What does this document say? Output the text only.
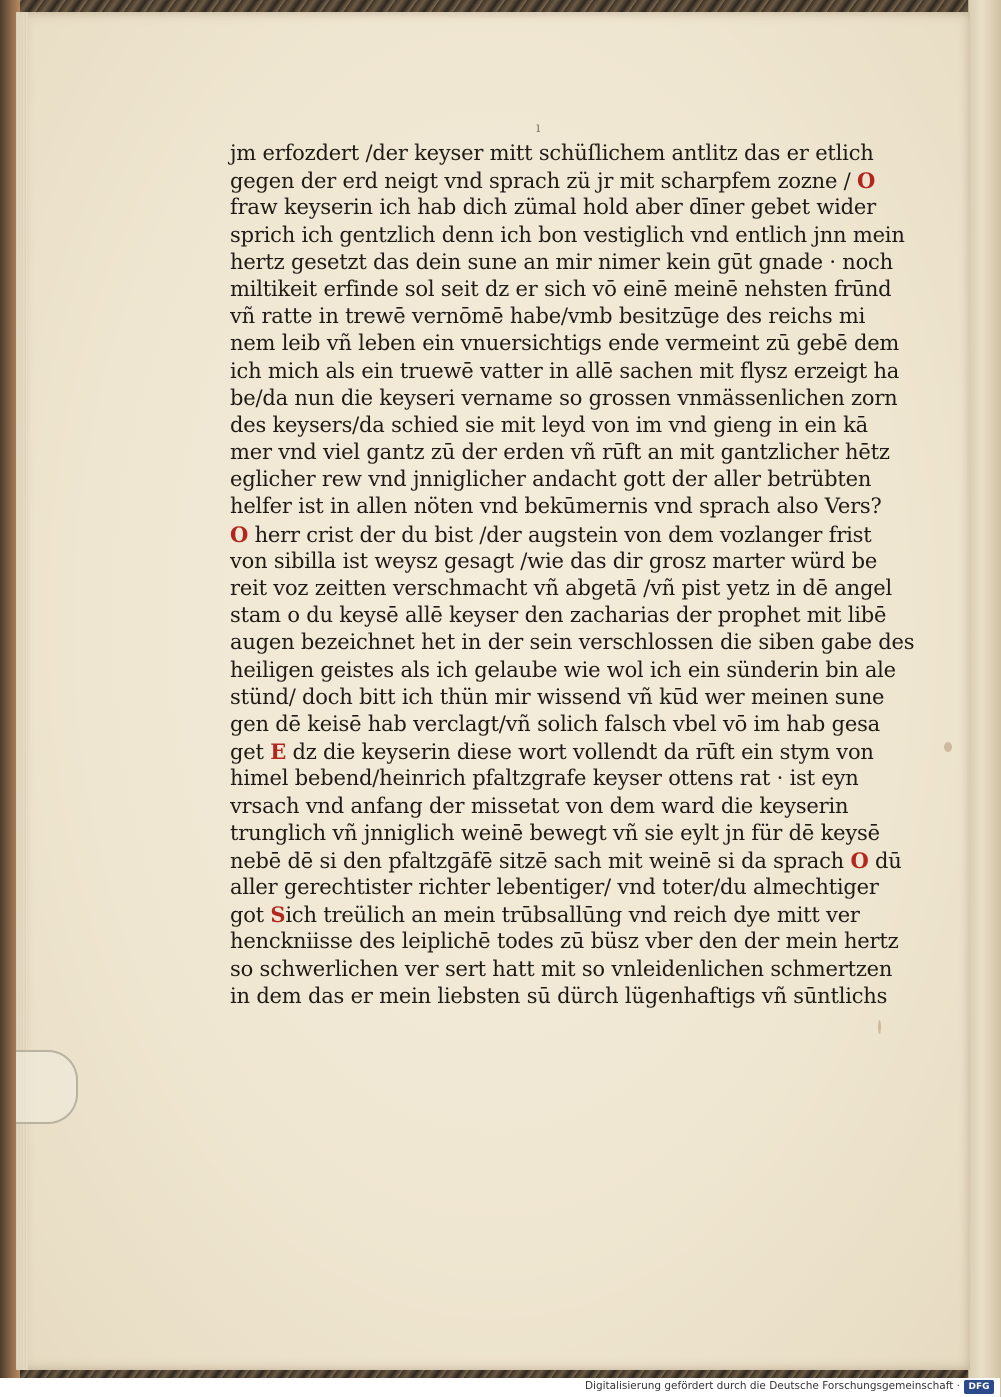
ı
jm erfozdert /der keyser mitt schüſlichem antlitz das er etlich
gegen der erd neigt vnd sprach zü jr mit scharpfem zozne / O
fraw keyserin ich hab dich zümal hold aber dīner gebet wider
sprich ich gentzlich denn ich bon vestiglich vnd entlich jnn mein
hertz gesetzt das dein sune an mir nimer kein gūt gnade · noch
miltikeit erfinde sol seit dz er sich vō einē meinē nehsten frūnd
vñ ratte in trewē vernōmē habe/vmb besitzūge des reichs mi
nem leib vñ leben ein vnuersichtigs ende vermeint zū gebē dem
ich mich als ein truewē vatter in allē sachen mit flysz erzeigt ha
be/da nun die keyseri vername so grossen vnmässenlichen zorn
des keysers/da schied sie mit leyd von im vnd gieng in ein kā
mer vnd viel gantz zū der erden vñ rūft an mit gantzlicher hētz
eglicher rew vnd jnniglicher andacht gott der aller betrübten
helfer ist in allen nöten vnd bekūmernis vnd sprach also Vers?
O herr crist der du bist /der augstein von dem vozlanger frist
von sibilla ist weysz gesagt /wie das dir grosz marter würd be
reit voz zeitten verschmacht vñ abgetā /vñ pist yetz in dē angel
stam o du keysē allē keyser den zacharias der prophet mit libē
augen bezeichnet het in der sein verschlossen die siben gabe des
heiligen geistes als ich gelaube wie wol ich ein sünderin bin ale
stünd/ doch bitt ich thün mir wissend vñ kūd wer meinen sune
gen dē keisē hab verclagt/vñ solich falsch vbel vō im hab gesa
get E dz die keyserin diese wort vollendt da rūft ein stym von
himel bebend/heinrich pfaltzgrafe keyser ottens rat · ist eyn
vrsach vnd anfang der missetat von dem ward die keyserin
trunglich vñ jnniglich weinē bewegt vñ sie eylt jn für dē keysē
nebē dē si den pfaltzgāfē sitzē sach mit weinē si da sprach O dū
aller gerechtister richter lebentiger/ vnd toter/du almechtiger
got Sich treülich an mein trūbsallūng vnd reich dye mitt ver
henckniisse des leiplichē todes zū büsz vber den der mein hertz
so schwerlichen ver sert hatt mit so vnleidenlichen schmertzen
in dem das er mein liebsten sū dürch lügenhaftigs vñ sūntlichs
Digitalisierung gefördert durch die Deutsche Forschungsgemeinschaft · DFG
